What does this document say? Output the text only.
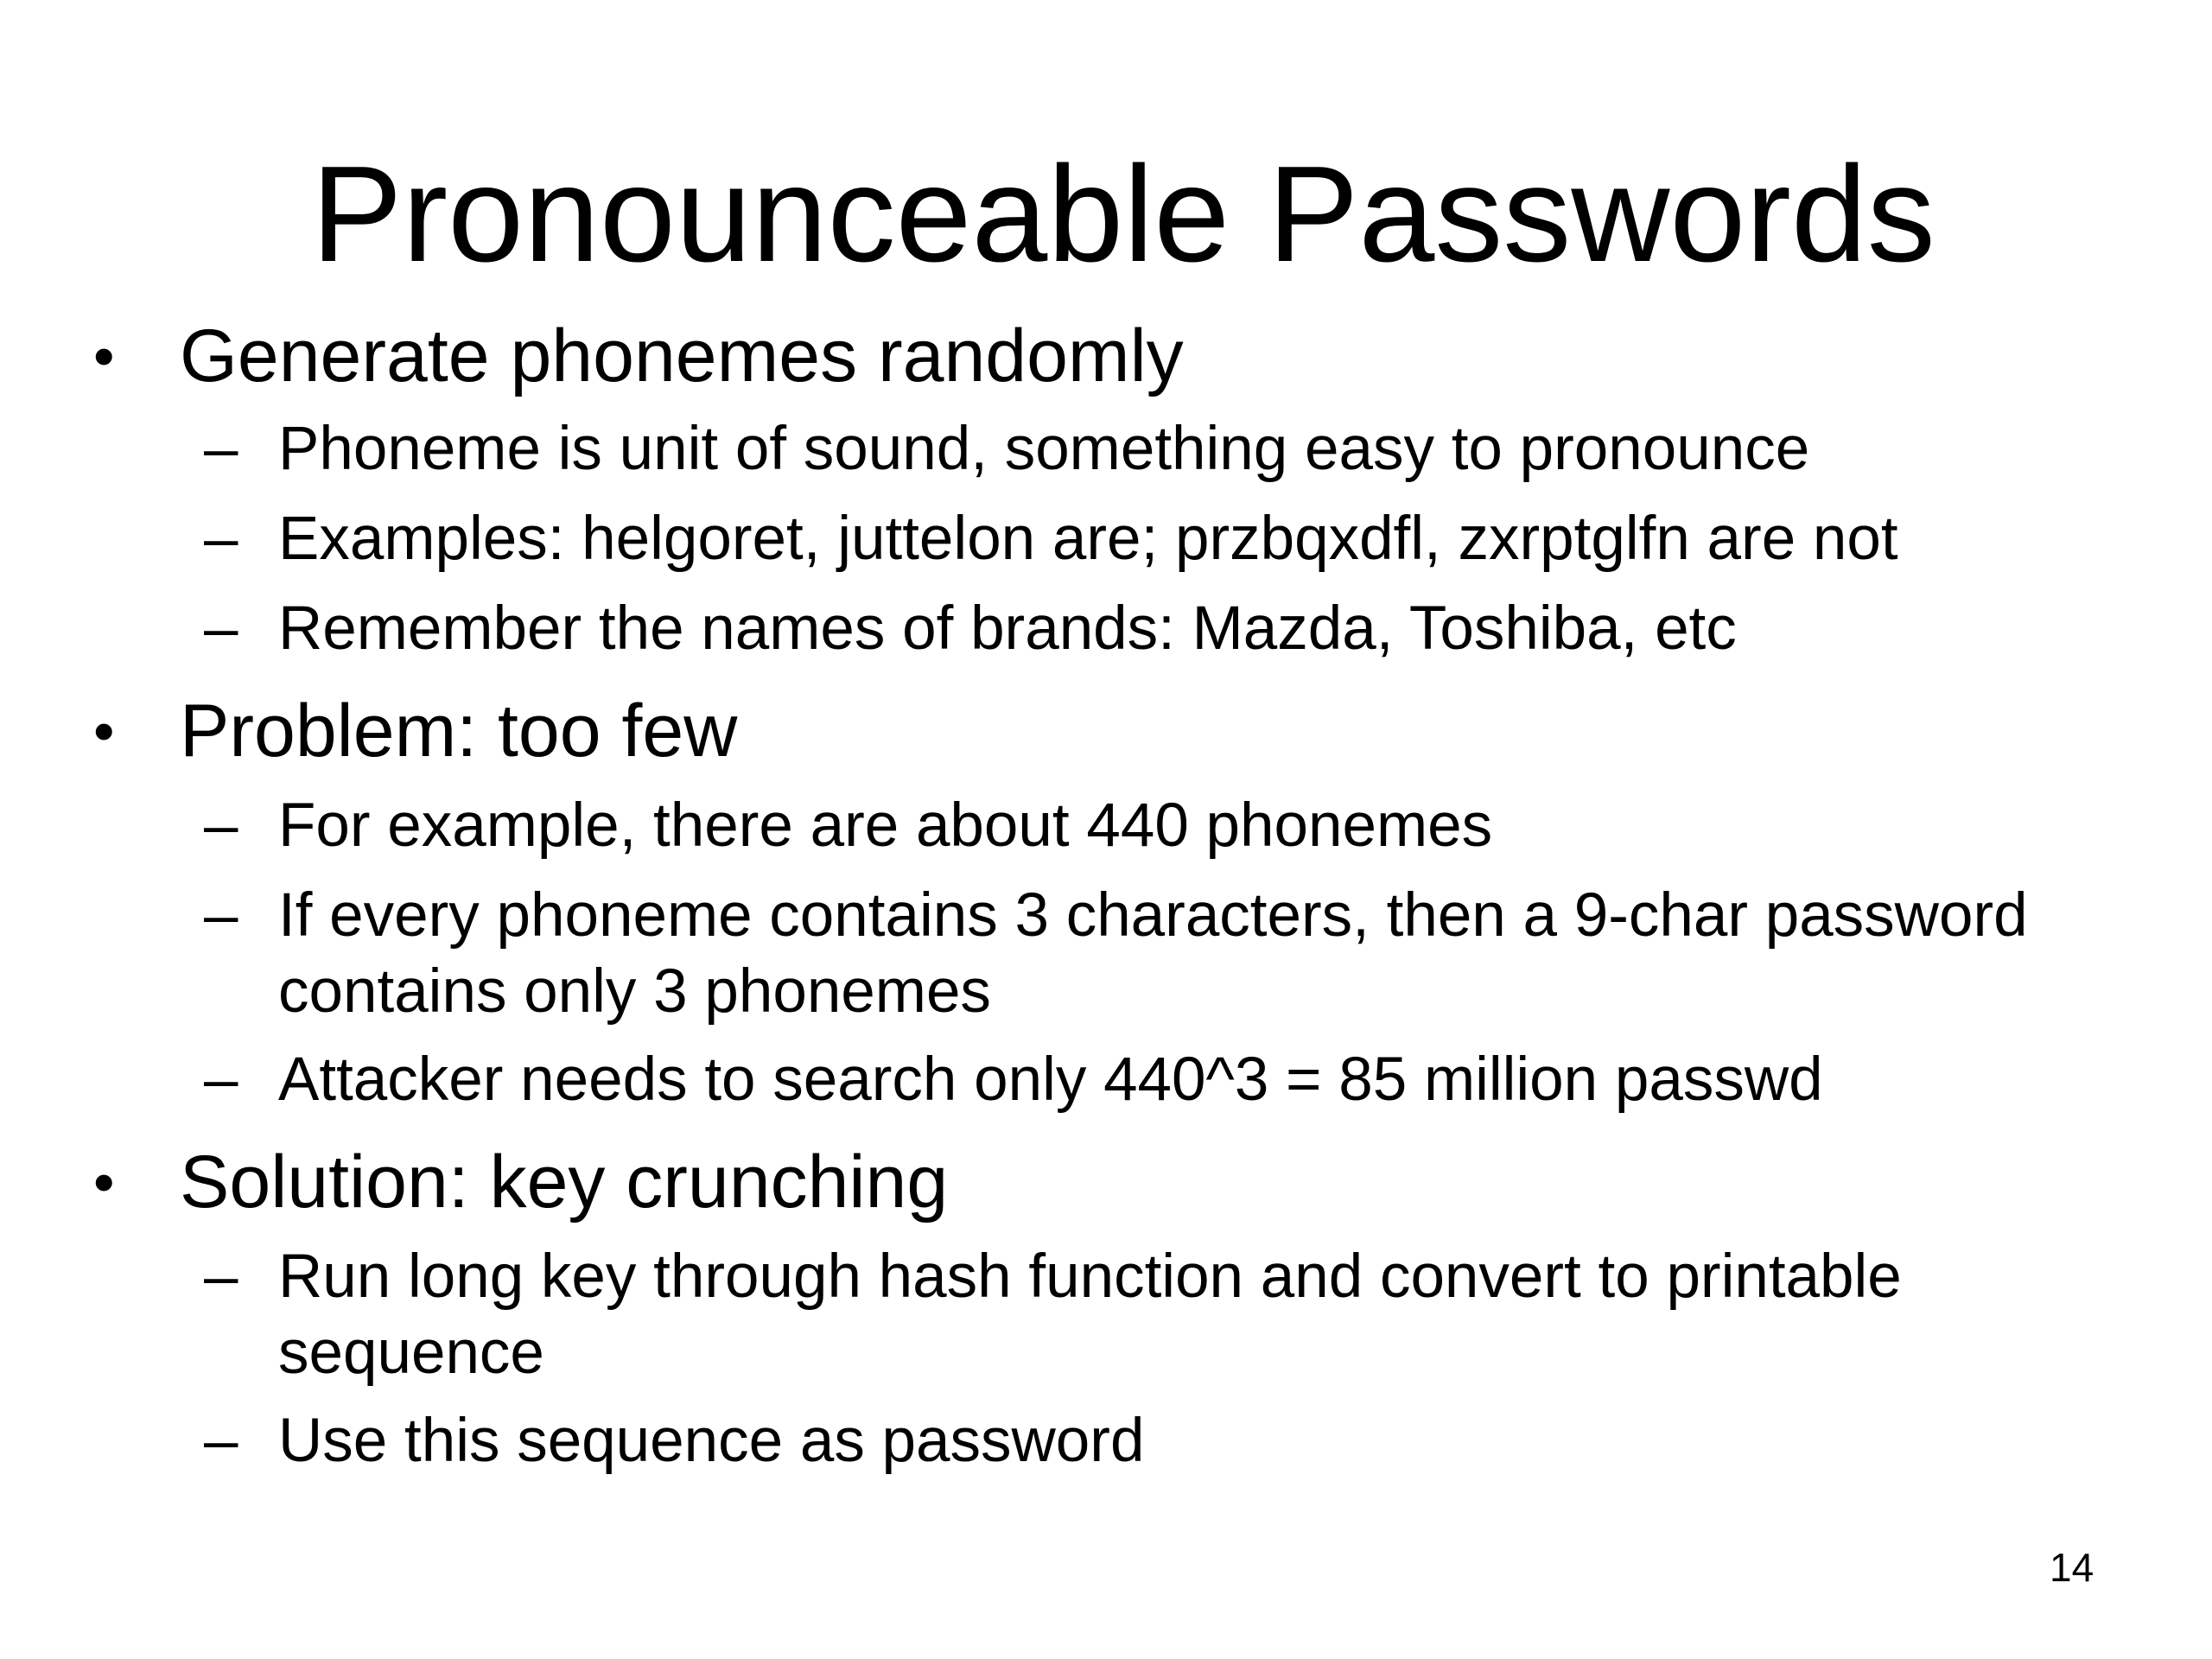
Pronounceable Passwords
• Generate phonemes randomly
– Phoneme is unit of sound, something easy to pronounce
– Examples: helgoret, juttelon are; przbqxdfl, zxrptglfn are not
– Remember the names of brands: Mazda, Toshiba, etc
• Problem: too few
– For example, there are about 440 phonemes
– If every phoneme contains 3 characters, then a 9-char password
contains only 3 phonemes
– Attacker needs to search only 440^3 = 85 million passwd
• Solution: key crunching
– Run long key through hash function and convert to printable
sequence
– Use this sequence as password
14
